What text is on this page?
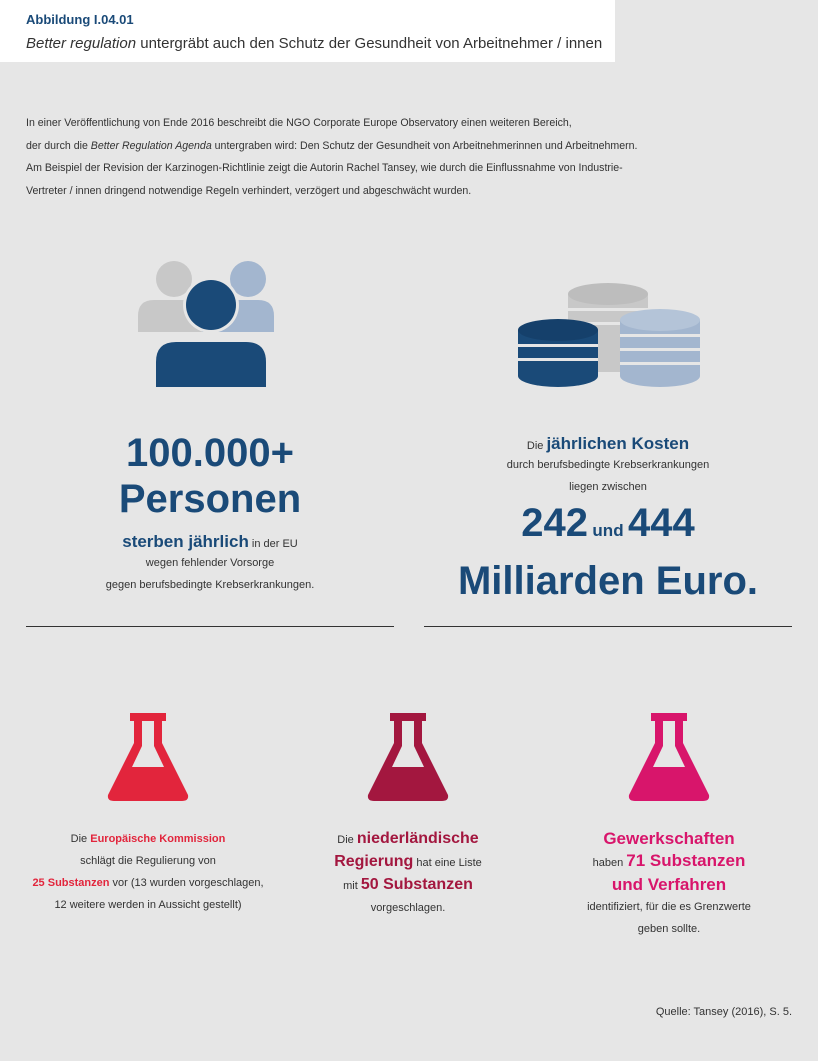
Abbildung I.04.01
Better regulation untergräbt auch den Schutz der Gesundheit von Arbeitnehmer / innen
In einer Veröffentlichung von Ende 2016 beschreibt die NGO Corporate Europe Observatory einen weiteren Bereich,
der durch die Better Regulation Agenda untergraben wird: Den Schutz der Gesundheit von Arbeitnehmerinnen und Arbeitnehmern.
Am Beispiel der Revision der Karzinogen-Richtlinie zeigt die Autorin Rachel Tansey, wie durch die Einflussnahme von Industrie-
Vertreter / innen dringend notwendige Regeln verhindert, verzögert und abgeschwächt wurden.
100.000+
Personen
sterben jährlich in der EU
wegen fehlender Vorsorge
gegen berufsbedingte Krebserkrankungen.
Die jährlichen Kosten
durch berufsbedingte Krebserkrankungen
liegen zwischen
242 und 444
Milliarden Euro.
Die Europäische Kommission
schlägt die Regulierung von
25 Substanzen vor (13 wurden vorgeschlagen,
12 weitere werden in Aussicht gestellt)
Die niederländische
Regierung hat eine Liste
mit 50 Substanzen
vorgeschlagen.
Gewerkschaften
haben 71 Substanzen
und Verfahren
identifiziert, für die es Grenzwerte
geben sollte.
Quelle: Tansey (2016), S. 5.
